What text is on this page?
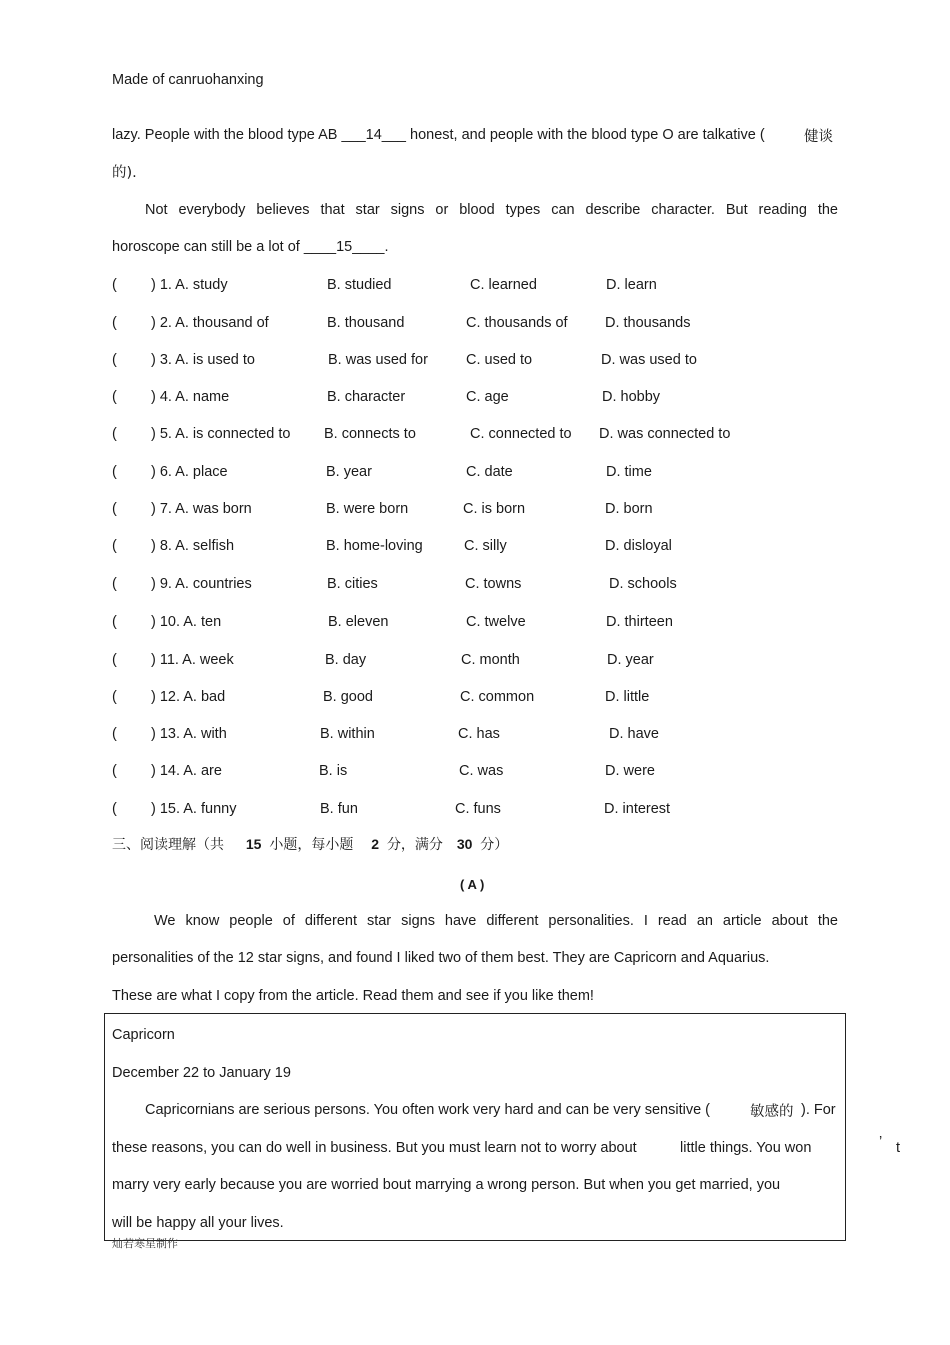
Made of canruohanxing
lazy. People with the blood type AB ___14___ honest, and people with the blood type O are talkative (	健谈
的).
Not everybody believes that star signs or blood types can describe character. But reading the
horoscope can still be a lot of ____15____.
( ) 1. A. study	B. studied	C. learned	D. learn
( ) 2. A. thousand of	B. thousand	C. thousands of	D. thousands
( ) 3. A. is used to	B. was used for	C. used to	D. was used to
( ) 4. A. name	B. character	C. age	D. hobby
( ) 5. A. is connected to B. connects to	C. connected to D. was connected to
( ) 6. A. place	B. year	C. date	D. time
( ) 7. A. was born	B. were born	C. is born	D. born
( ) 8. A. selfish	B. home-loving	C. silly	D. disloyal
( ) 9. A. countries	B. cities	C. towns	D. schools
( ) 10. A. ten	B. eleven	C. twelve	D. thirteen
( ) 11. A. week	B. day	C. month	D. year
( ) 12. A. bad	B. good	C. common	D. little
( ) 13. A. with	B. within	C. has	D. have
( ) 14. A. are	B. is	C. was	D. were
( ) 15. A. funny	B. fun	C. funs	D. interest
三、阅读理解（共 15 小题，每小题 2 分，满分 30 分）
( A )
We know people of different star signs have different personalities. I read an article about the
personalities of the 12 star signs, and found I liked two of them best. They are Capricorn and Aquarius.
These are what I copy from the article. Read them and see if you like them!
Capricorn
December 22 to January 19
Capricornians are serious persons. You often work very hard and can be very sensitive (	敏感的 ). For
these reasons, you can do well in business. But you must learn not to worry about	little things. You won	’ t
marry very early because you are worried bout marrying a wrong person. But when you get married, you
will be happy all your lives.
灿若寒星制作
